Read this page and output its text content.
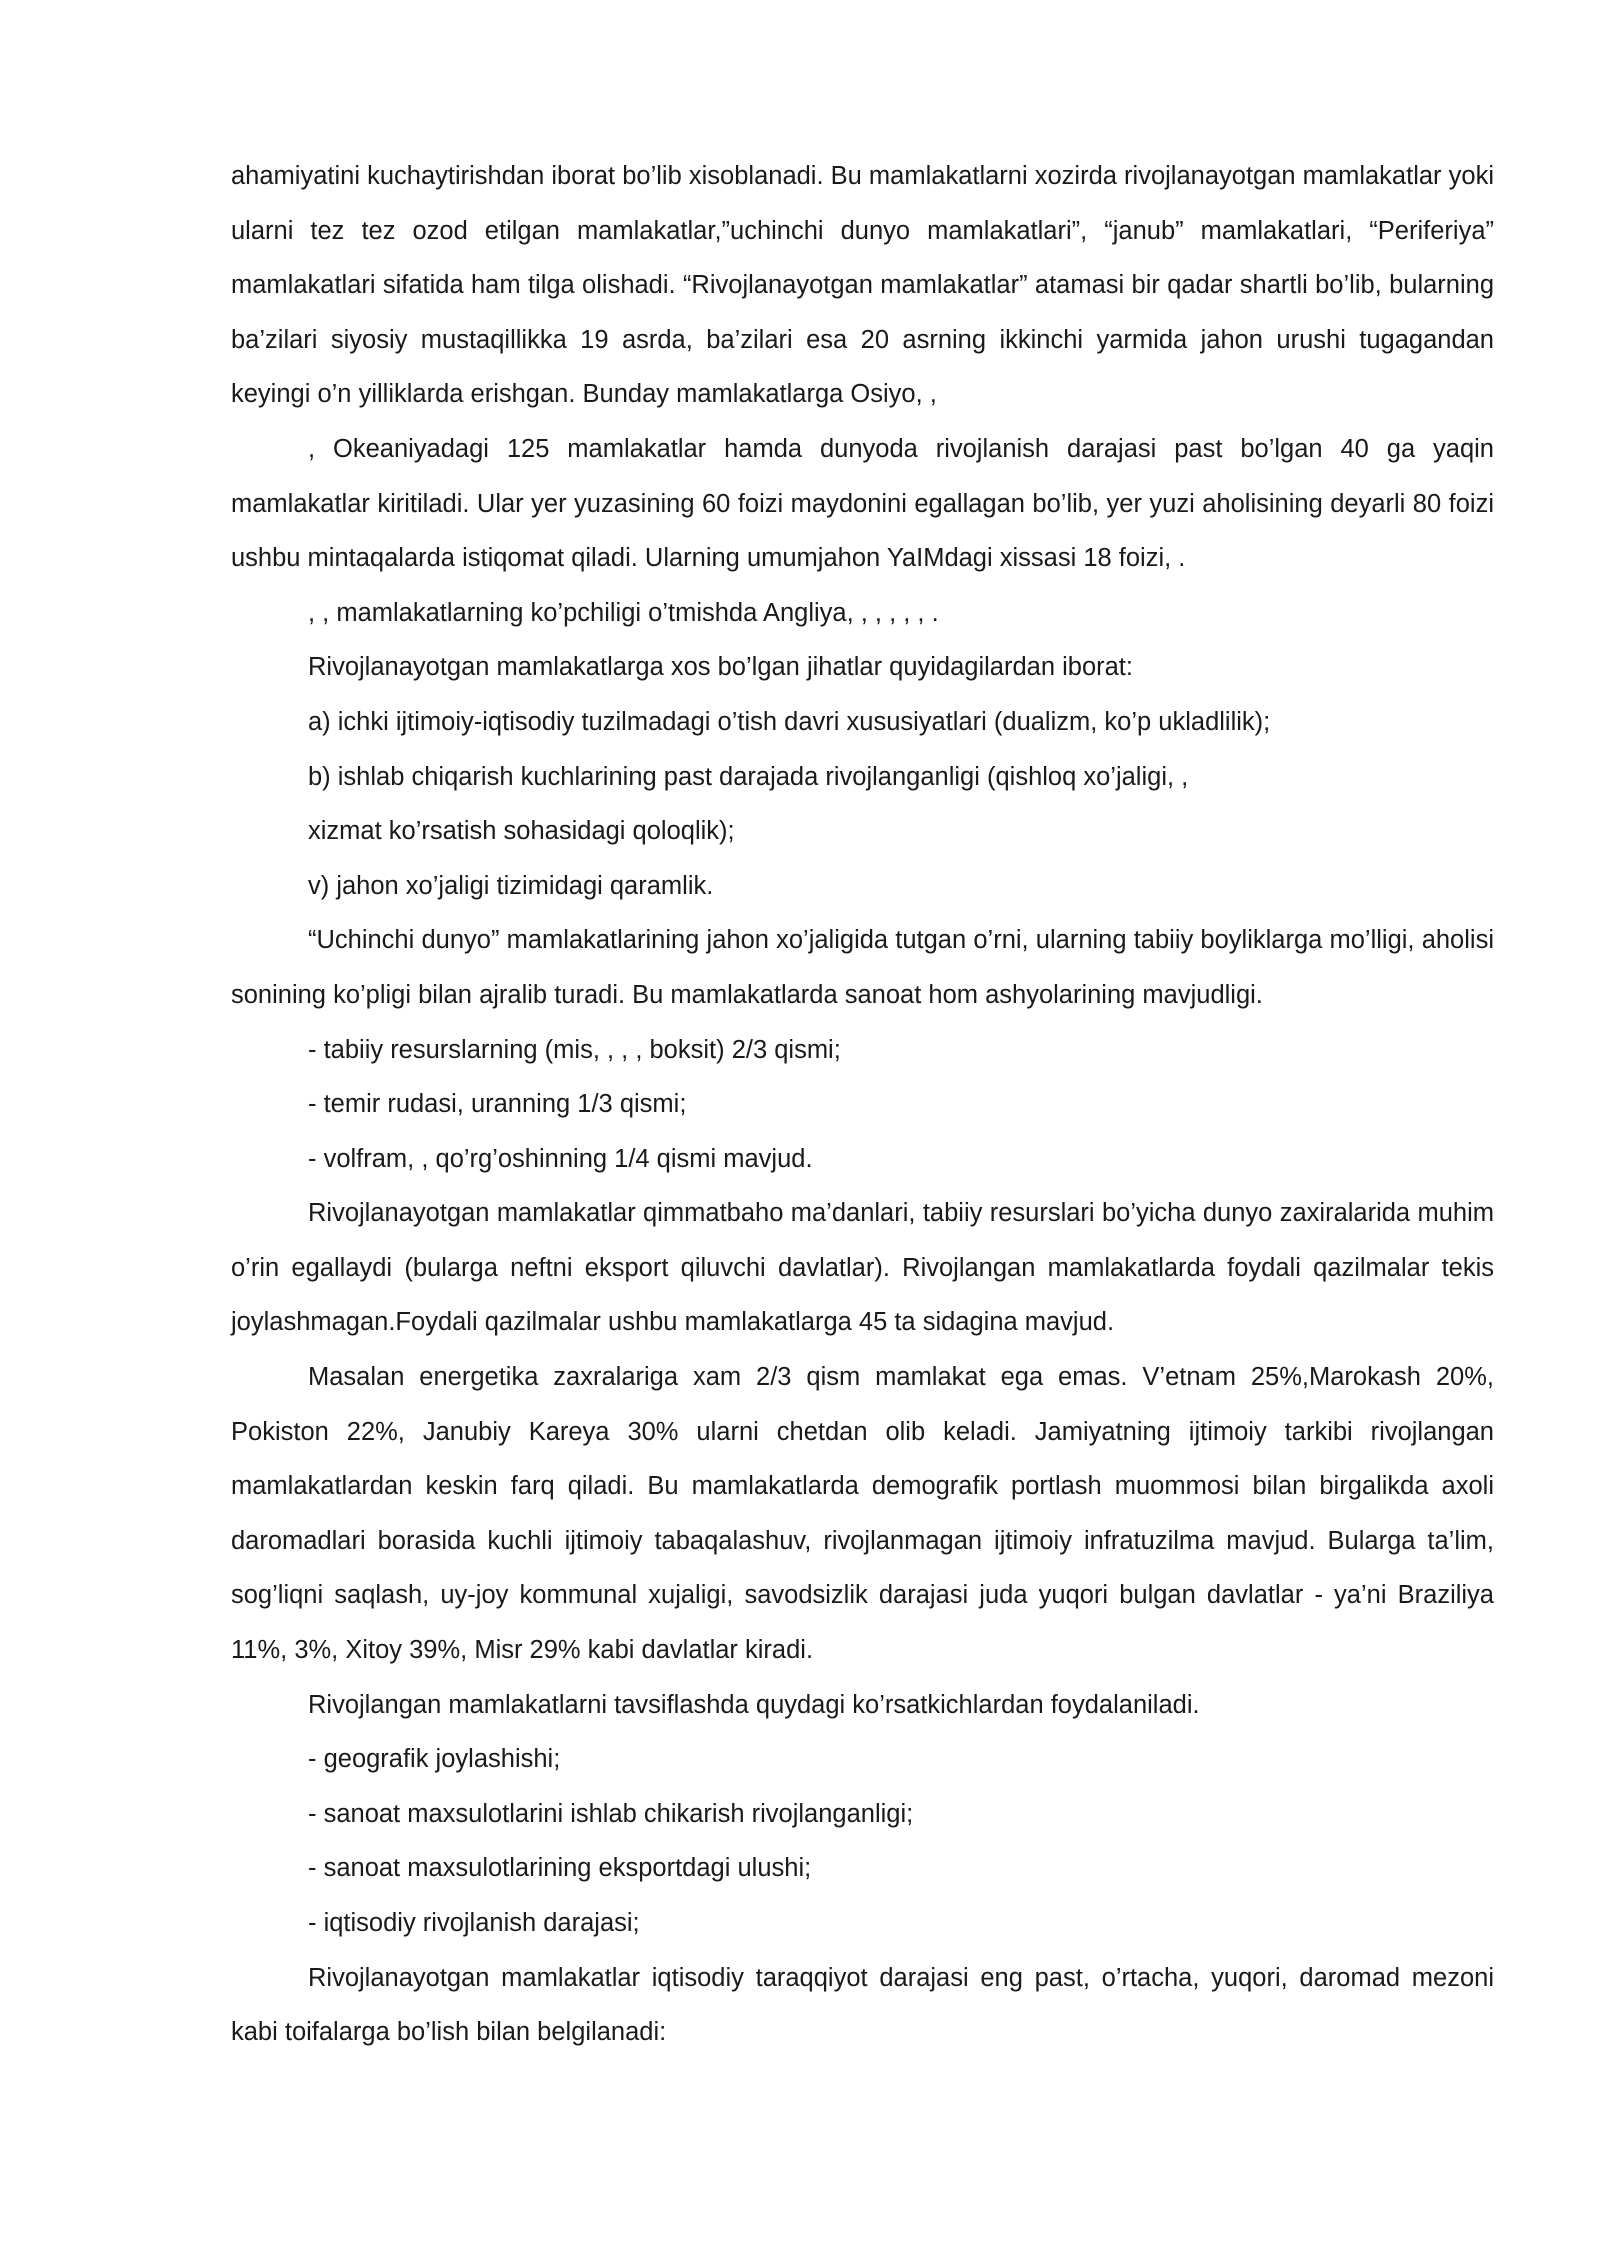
ahamiyatini kuchaytirishdan iborat bo’lib xisoblanadi. Bu mamlakatlarni xozirda rivojlanayotgan mamlakatlar yoki ularni tez tez ozod etilgan mamlakatlar,”uchinchi dunyo mamlakatlari”, “janub” mamlakatlari, “Periferiya” mamlakatlari sifatida ham tilga olishadi. “Rivojlanayotgan mamlakatlar” atamasi bir qadar shartli bo’lib, bularning ba’zilari siyosiy mustaqillikka 19 asrda, ba’zilari esa 20 asrning ikkinchi yarmida jahon urushi tugagandan keyingi o’n yilliklarda erishgan. Bunday mamlakatlarga Osiyo, ,

, Okeaniyadagi 125 mamlakatlar hamda dunyoda rivojlanish darajasi past bo’lgan 40 ga yaqin mamlakatlar kiritiladi. Ular yer yuzasining 60 foizi maydonini egallagan bo’lib, yer yuzi aholisining deyarli 80 foizi ushbu mintaqalarda istiqomat qiladi. Ularning umumjahon YaIMdagi xissasi 18 foizi, .

, , mamlakatlarning ko’pchiligi o’tmishda Angliya, , , , , , .

Rivojlanayotgan mamlakatlarga xos bo’lgan jihatlar quyidagilardan iborat:

a) ichki ijtimoiy-iqtisodiy tuzilmadagi o’tish davri xususiyatlari (dualizm, ko’p ukladlilik);

b) ishlab chiqarish kuchlarining past darajada rivojlanganligi (qishloq xo’jaligi, ,

xizmat ko’rsatish sohasidagi qoloqlik);

v) jahon xo’jaligi tizimidagi qaramlik.

“Uchinchi dunyo” mamlakatlarining jahon xo’jaligida tutgan o’rni, ularning tabiiy boyliklarga mo’lligi, aholisi sonining ko’pligi bilan ajralib turadi. Bu mamlakatlarda sanoat hom ashyolarining mavjudligi.

- tabiiy resurslarning (mis, , , , boksit) 2/3 qismi;

- temir rudasi, uranning 1/3 qismi;

- volfram, , qo’rg’oshinning 1/4 qismi mavjud.

Rivojlanayotgan mamlakatlar qimmatbaho ma’danlari, tabiiy resurslari bo’yicha dunyo zaxiralarida muhim o’rin egallaydi (bularga neftni eksport qiluvchi davlatlar). Rivojlangan mamlakatlarda foydali qazilmalar tekis joylashmagan.Foydali qazilmalar ushbu mamlakatlarga 45 ta sidagina mavjud.

Masalan energetika zaxralariga xam 2/3 qism mamlakat ega emas. V’etnam 25%,Marokash 20%, Pokiston 22%, Janubiy Kareya 30% ularni chetdan olib keladi. Jamiyatning ijtimoiy tarkibi rivojlangan mamlakatlardan keskin farq qiladi. Bu mamlakatlarda demografik portlash muommosi bilan birgalikda axoli daromadlari borasida kuchli ijtimoiy tabaqalashuv, rivojlanmagan ijtimoiy infratuzilma mavjud. Bularga ta’lim, sog’liqni saqlash, uy-joy kommunal xujaligi, savodsizlik darajasi juda yuqori bulgan davlatlar - ya’ni Braziliya 11%, 3%, Xitoy 39%, Misr 29% kabi davlatlar kiradi.

Rivojlangan mamlakatlarni tavsiflashda quydagi ko’rsatkichlardan foydalaniladi.

- geografik joylashishi;

- sanoat maxsulotlarini ishlab chikarish rivojlanganligi;

- sanoat maxsulotlarining eksportdagi ulushi;

- iqtisodiy rivojlanish darajasi;

Rivojlanayotgan mamlakatlar iqtisodiy taraqqiyot darajasi eng past, o’rtacha, yuqori, daromad mezoni kabi toifalarga bo’lish bilan belgilanadi:
